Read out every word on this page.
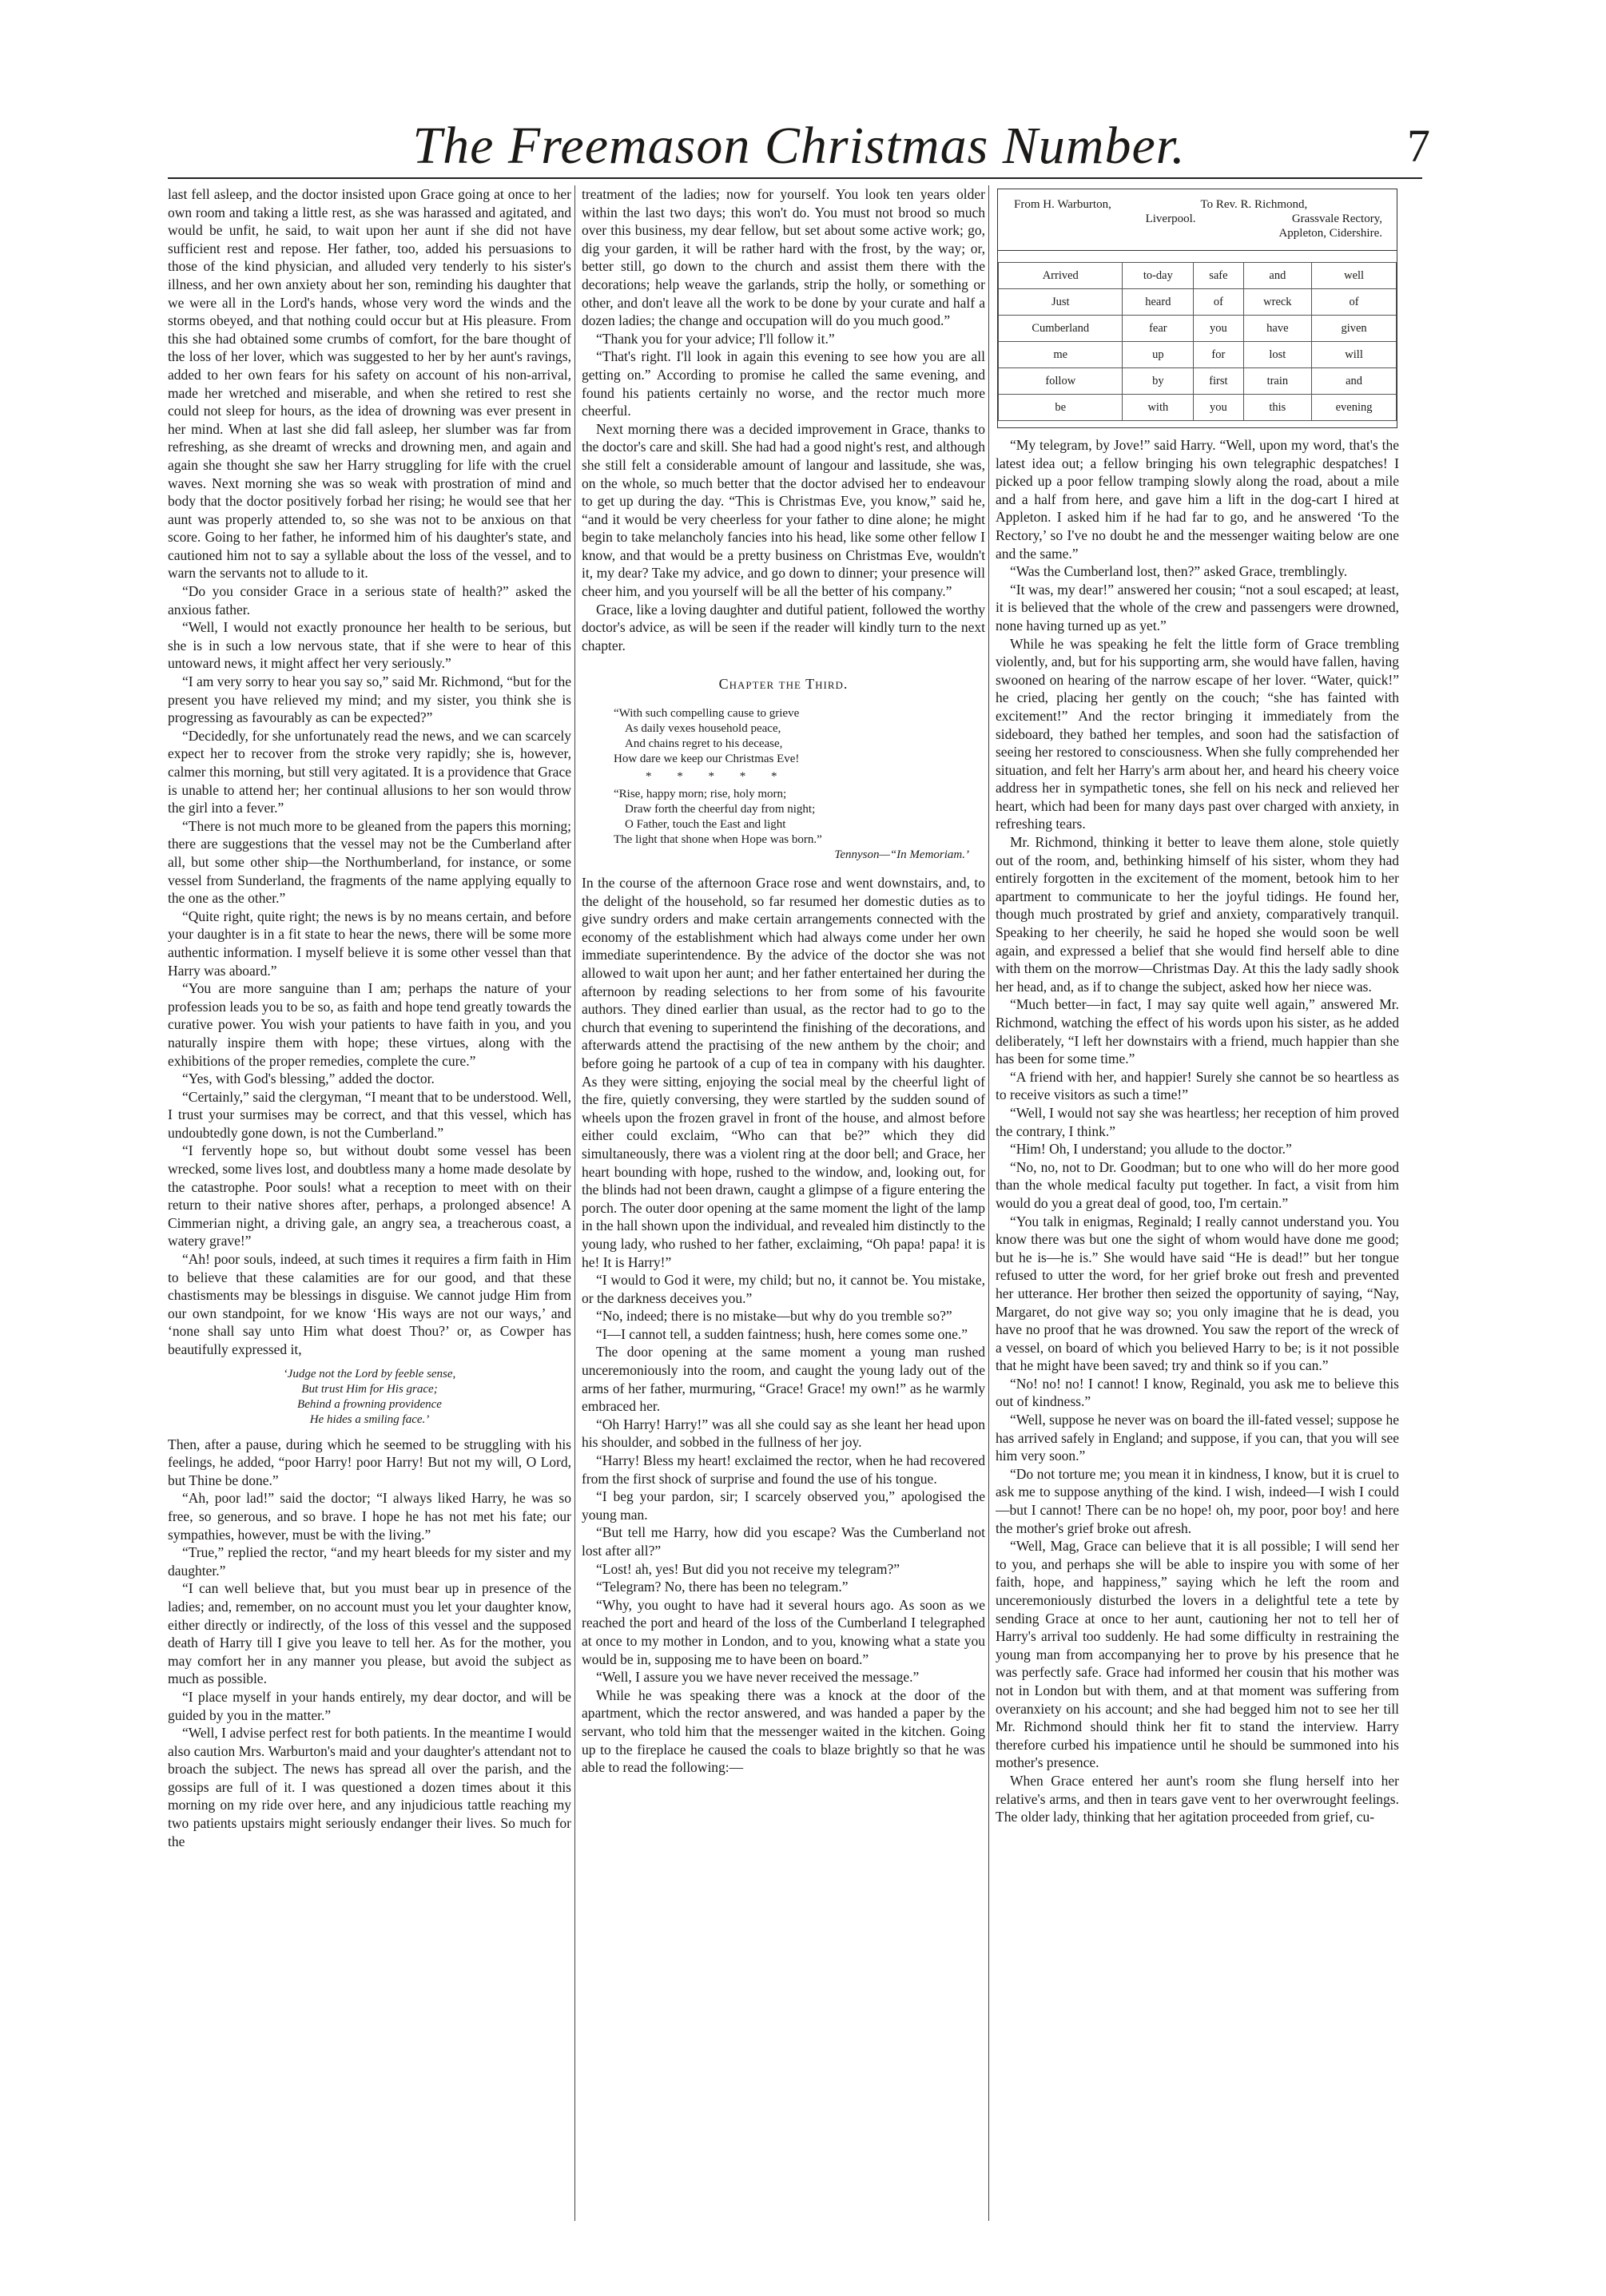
The Freemason Christmas Number.	7

last fell asleep, and the doctor insisted upon Grace going at once to her own room and taking a little rest, as she was harassed and agitated, and would be unfit, he said, to wait upon her aunt if she did not have sufficient rest and repose. Her father, too, added his persuasions to those of the kind physician, and alluded very tenderly to his sister's illness, and her own anxiety about her son, reminding his daughter that we were all in the Lord's hands, whose very word the winds and the storms obeyed, and that nothing could occur but at His pleasure. From this she had obtained some crumbs of comfort, for the bare thought of the loss of her lover, which was suggested to her by her aunt's ravings, added to her own fears for his safety on account of his non-arrival, made her wretched and miserable, and when she retired to rest she could not sleep for hours, as the idea of drowning was ever present in her mind. When at last she did fall asleep, her slumber was far from refreshing, as she dreamt of wrecks and drowning men, and again and again she thought she saw her Harry struggling for life with the cruel waves. Next morning she was so weak with prostration of mind and body that the doctor positively forbad her rising; he would see that her aunt was properly attended to, so she was not to be anxious on that score. Going to her father, he informed him of his daughter's state, and cautioned him not to say a syllable about the loss of the vessel, and to warn the servants not to allude to it.

“Do you consider Grace in a serious state of health?” asked the anxious father.

“Well, I would not exactly pronounce her health to be serious, but she is in such a low nervous state, that if she were to hear of this untoward news, it might affect her very seriously.”

“I am very sorry to hear you say so,” said Mr. Richmond, “but for the present you have relieved my mind; and my sister, you think she is progressing as favourably as can be expected?”

“Decidedly, for she unfortunately read the news, and we can scarcely expect her to recover from the stroke very rapidly; she is, however, calmer this morning, but still very agitated. It is a providence that Grace is unable to attend her; her continual allusions to her son would throw the girl into a fever.”

“There is not much more to be gleaned from the papers this morning; there are suggestions that the vessel may not be the Cumberland after all, but some other ship—the Northumberland, for instance, or some vessel from Sunderland, the fragments of the name applying equally to the one as the other.”

“Quite right, quite right; the news is by no means certain, and before your daughter is in a fit state to hear the news, there will be some more authentic information. I myself believe it is some other vessel than that Harry was aboard.”

“You are more sanguine than I am; perhaps the nature of your profession leads you to be so, as faith and hope tend greatly towards the curative power. You wish your patients to have faith in you, and you naturally inspire them with hope; these virtues, along with the exhibitions of the proper remedies, complete the cure.”

“Yes, with God's blessing,” added the doctor.

“Certainly,” said the clergyman, “I meant that to be understood. Well, I trust your surmises may be correct, and that this vessel, which has undoubtedly gone down, is not the Cumberland.”

“I fervently hope so, but without doubt some vessel has been wrecked, some lives lost, and doubtless many a home made desolate by the catastrophe. Poor souls! what a reception to meet with on their return to their native shores after, perhaps, a prolonged absence! A Cimmerian night, a driving gale, an angry sea, a treacherous coast, a watery grave!”

“Ah! poor souls, indeed, at such times it requires a firm faith in Him to believe that these calamities are for our good, and that these chastisments may be blessings in disguise. We cannot judge Him from our own standpoint, for we know ‘His ways are not our ways,’ and ‘none shall say unto Him what doest Thou?’ or, as Cowper has beautifully expressed it,

‘Judge not the Lord by feeble sense,
But trust Him for His grace;
Behind a frowning providence
He hides a smiling face.’

Then, after a pause, during which he seemed to be struggling with his feelings, he added, “poor Harry! poor Harry! But not my will, O Lord, but Thine be done.”

“Ah, poor lad!” said the doctor; “I always liked Harry, he was so free, so generous, and so brave. I hope he has not met his fate; our sympathies, however, must be with the living.”

“True,” replied the rector, “and my heart bleeds for my sister and my daughter.”

“I can well believe that, but you must bear up in presence of the ladies; and, remember, on no account must you let your daughter know, either directly or indirectly, of the loss of this vessel and the supposed death of Harry till I give you leave to tell her. As for the mother, you may comfort her in any manner you please, but avoid the subject as much as possible.

“I place myself in your hands entirely, my dear doctor, and will be guided by you in the matter.”

“Well, I advise perfect rest for both patients. In the meantime I would also caution Mrs. Warburton's maid and your daughter's attendant not to broach the subject. The news has spread all over the parish, and the gossips are full of it. I was questioned a dozen times about it this morning on my ride over here, and any injudicious tattle reaching my two patients upstairs might seriously endanger their lives. So much for the

treatment of the ladies; now for yourself. You look ten years older within the last two days; this won't do. You must not brood so much over this business, my dear fellow, but set about some active work; go, dig your garden, it will be rather hard with the frost, by the way; or, better still, go down to the church and assist them there with the decorations; help weave the garlands, strip the holly, or something or other, and don't leave all the work to be done by your curate and half a dozen ladies; the change and occupation will do you much good.”

“Thank you for your advice; I'll follow it.”

“That's right. I'll look in again this evening to see how you are all getting on.” According to promise he called the same evening, and found his patients certainly no worse, and the rector much more cheerful.

Next morning there was a decided improvement in Grace, thanks to the doctor's care and skill. She had had a good night's rest, and although she still felt a considerable amount of langour and lassitude, she was, on the whole, so much better that the doctor advised her to endeavour to get up during the day. “This is Christmas Eve, you know,” said he, “and it would be very cheerless for your father to dine alone; he might begin to take melancholy fancies into his head, like some other fellow I know, and that would be a pretty business on Christmas Eve, wouldn't it, my dear? Take my advice, and go down to dinner; your presence will cheer him, and you yourself will be all the better of his company.”

Grace, like a loving daughter and dutiful patient, followed the worthy doctor's advice, as will be seen if the reader will kindly turn to the next chapter.

Chapter the Third.
“With such compelling cause to grieve
As daily vexes household peace,
And chains regret to his decease,
How dare we keep our Christmas Eve!
* * * * *
“Rise, happy morn; rise, holy morn;
Draw forth the cheerful day from night;
O Father, touch the East and light
The light that shone when Hope was born.”
Tennyson—“In Memoriam.’

In the course of the afternoon Grace rose and went downstairs, and, to the delight of the household, so far resumed her domestic duties as to give sundry orders and make certain arrangements connected with the economy of the establishment which had always come under her own immediate superintendence. By the advice of the doctor she was not allowed to wait upon her aunt; and her father entertained her during the afternoon by reading selections to her from some of his favourite authors. They dined earlier than usual, as the rector had to go to the church that evening to superintend the finishing of the decorations, and afterwards attend the practising of the new anthem by the choir; and before going he partook of a cup of tea in company with his daughter. As they were sitting, enjoying the social meal by the cheerful light of the fire, quietly conversing, they were startled by the sudden sound of wheels upon the frozen gravel in front of the house, and almost before either could exclaim, “Who can that be?” which they did simultaneously, there was a violent ring at the door bell; and Grace, her heart bounding with hope, rushed to the window, and, looking out, for the blinds had not been drawn, caught a glimpse of a figure entering the porch. The outer door opening at the same moment the light of the lamp in the hall shown upon the individual, and revealed him distinctly to the young lady, who rushed to her father, exclaiming, “Oh papa! papa! it is he! It is Harry!”

“I would to God it were, my child; but no, it cannot be. You mistake, or the darkness deceives you.”

“No, indeed; there is no mistake—but why do you tremble so?”

“I—I cannot tell, a sudden faintness; hush, here comes some one.”

The door opening at the same moment a young man rushed unceremoniously into the room, and caught the young lady out of the arms of her father, murmuring, “Grace! Grace! my own!” as he warmly embraced her.

“Oh Harry! Harry!” was all she could say as she leant her head upon his shoulder, and sobbed in the fullness of her joy.

“Harry! Bless my heart! exclaimed the rector, when he had recovered from the first shock of surprise and found the use of his tongue.

“I beg your pardon, sir; I scarcely observed you,” apologised the young man.

“But tell me Harry, how did you escape? Was the Cumberland not lost after all?”

“Lost! ah, yes! But did you not receive my telegram?”

“Telegram? No, there has been no telegram.”

“Why, you ought to have had it several hours ago. As soon as we reached the port and heard of the loss of the Cumberland I telegraphed at once to my mother in London, and to you, knowing what a state you would be in, supposing me to have been on board.”

“Well, I assure you we have never received the message.”

While he was speaking there was a knock at the door of the apartment, which the rector answered, and was handed a paper by the servant, who told him that the messenger waited in the kitchen. Going up to the fireplace he caused the coals to blaze brightly so that he was able to read the following:—

From H. Warburton,
Liverpool.
To Rev. R. Richmond,
Grassvale Rectory,
Appleton, Cidershire.
Arrived	to-day	safe	and	well
Just	heard	of	wreck	of
Cumberland	fear	you	have	given
me	up	for	lost	will
follow	by	first	train	and
be	with	you	this	evening

“My telegram, by Jove!” said Harry. “Well, upon my word, that's the latest idea out; a fellow bringing his own telegraphic despatches! I picked up a poor fellow tramping slowly along the road, about a mile and a half from here, and gave him a lift in the dog-cart I hired at Appleton. I asked him if he had far to go, and he answered ‘To the Rectory,’ so I've no doubt he and the messenger waiting below are one and the same.”

“Was the Cumberland lost, then?” asked Grace, tremblingly.

“It was, my dear!” answered her cousin; “not a soul escaped; at least, it is believed that the whole of the crew and passengers were drowned, none having turned up as yet.”

While he was speaking he felt the little form of Grace trembling violently, and, but for his supporting arm, she would have fallen, having swooned on hearing of the narrow escape of her lover. “Water, quick!” he cried, placing her gently on the couch; “she has fainted with excitement!” And the rector bringing it immediately from the sideboard, they bathed her temples, and soon had the satisfaction of seeing her restored to consciousness. When she fully comprehended her situation, and felt her Harry's arm about her, and heard his cheery voice address her in sympathetic tones, she fell on his neck and relieved her heart, which had been for many days past over charged with anxiety, in refreshing tears.

Mr. Richmond, thinking it better to leave them alone, stole quietly out of the room, and, bethinking himself of his sister, whom they had entirely forgotten in the excitement of the moment, betook him to her apartment to communicate to her the joyful tidings. He found her, though much prostrated by grief and anxiety, comparatively tranquil. Speaking to her cheerily, he said he hoped she would soon be well again, and expressed a belief that she would find herself able to dine with them on the morrow—Christmas Day. At this the lady sadly shook her head, and, as if to change the subject, asked how her niece was.

“Much better—in fact, I may say quite well again,” answered Mr. Richmond, watching the effect of his words upon his sister, as he added deliberately, “I left her downstairs with a friend, much happier than she has been for some time.”

“A friend with her, and happier! Surely she cannot be so heartless as to receive visitors as such a time!”

“Well, I would not say she was heartless; her reception of him proved the contrary, I think.”

“Him! Oh, I understand; you allude to the doctor.”

“No, no, not to Dr. Goodman; but to one who will do her more good than the whole medical faculty put together. In fact, a visit from him would do you a great deal of good, too, I'm certain.”

“You talk in enigmas, Reginald; I really cannot understand you. You know there was but one the sight of whom would have done me good; but he is—he is.” She would have said “He is dead!” but her tongue refused to utter the word, for her grief broke out fresh and prevented her utterance. Her brother then seized the opportunity of saying, “Nay, Margaret, do not give way so; you only imagine that he is dead, you have no proof that he was drowned. You saw the report of the wreck of a vessel, on board of which you believed Harry to be; is it not possible that he might have been saved; try and think so if you can.”

“No! no! no! I cannot! I know, Reginald, you ask me to believe this out of kindness.”

“Well, suppose he never was on board the ill-fated vessel; suppose he has arrived safely in England; and suppose, if you can, that you will see him very soon.”

“Do not torture me; you mean it in kindness, I know, but it is cruel to ask me to suppose anything of the kind. I wish, indeed—I wish I could—but I cannot! There can be no hope! oh, my poor, poor boy! and here the mother's grief broke out afresh.

“Well, Mag, Grace can believe that it is all possible; I will send her to you, and perhaps she will be able to inspire you with some of her faith, hope, and happiness,” saying which he left the room and unceremoniously disturbed the lovers in a delightful tete a tete by sending Grace at once to her aunt, cautioning her not to tell her of Harry's arrival too suddenly. He had some difficulty in restraining the young man from accompanying her to prove by his presence that he was perfectly safe. Grace had informed her cousin that his mother was not in London but with them, and at that moment was suffering from overanxiety on his account; and she had begged him not to see her till Mr. Richmond should think her fit to stand the interview. Harry therefore curbed his impatience until he should be summoned into his mother's presence.

When Grace entered her aunt's room she flung herself into her relative's arms, and then in tears gave vent to her overwrought feelings. The older lady, thinking that her agitation proceeded from grief, cu-
